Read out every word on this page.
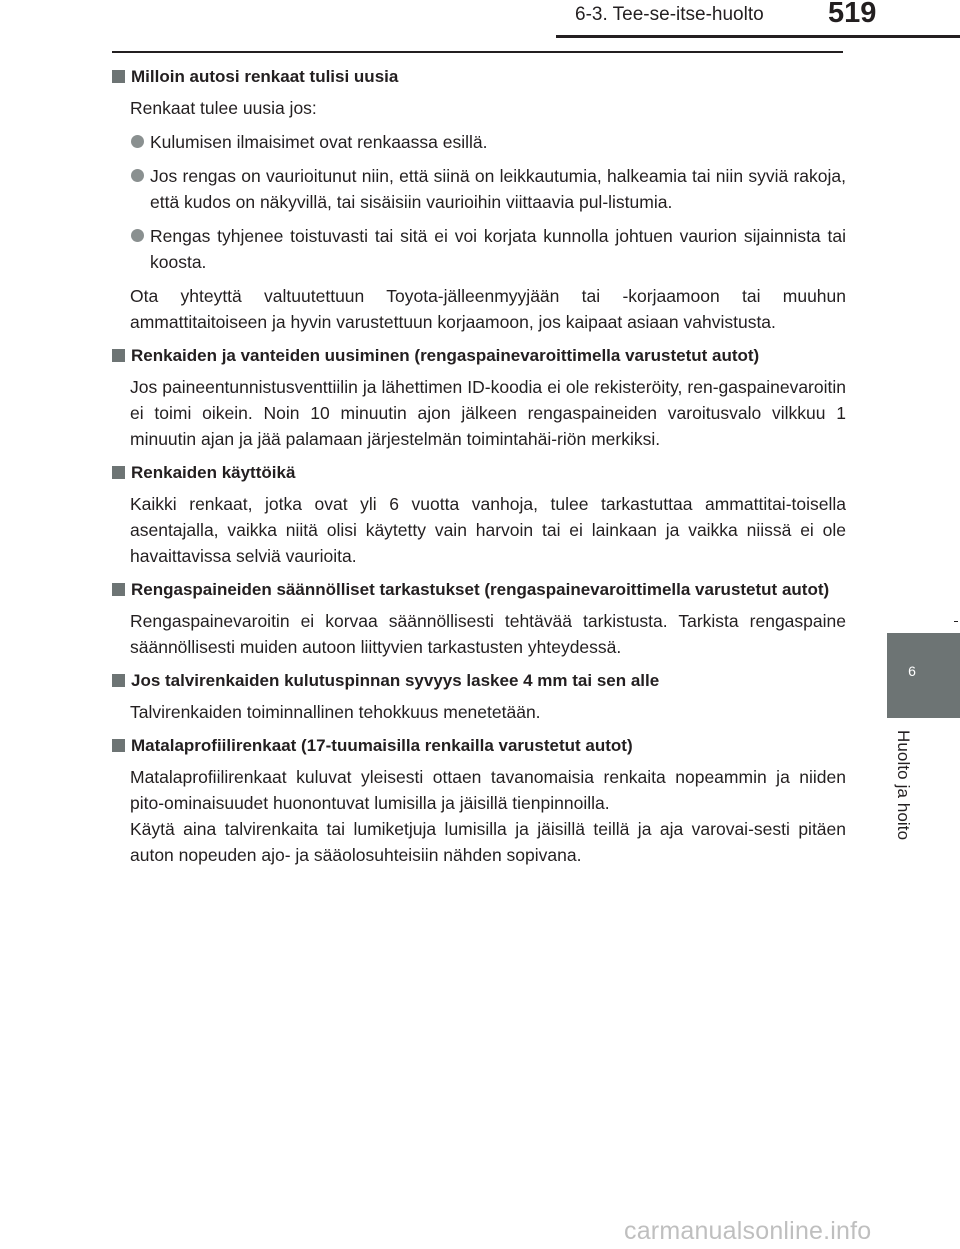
6-3. Tee-se-itse-huolto 519
6
Huolto ja hoito
Milloin autosi renkaat tulisi uusia
Renkaat tulee uusia jos:
Kulumisen ilmaisimet ovat renkaassa esillä.
Jos rengas on vaurioitunut niin, että siinä on leikkautumia, halkeamia tai niin syviä rakoja, että kudos on näkyvillä, tai sisäisiin vaurioihin viittaavia pul-listumia.
Rengas tyhjenee toistuvasti tai sitä ei voi korjata kunnolla johtuen vaurion sijainnista tai koosta.
Ota yhteyttä valtuutettuun Toyota-jälleenmyyjään tai -korjaamoon tai muuhun ammattitaitoiseen ja hyvin varustettuun korjaamoon, jos kaipaat asiaan vahvistusta.
Renkaiden ja vanteiden uusiminen (rengaspainevaroittimella varustetut autot)
Jos paineentunnistusventtiilin ja lähettimen ID-koodia ei ole rekisteröity, ren-gaspainevaroitin ei toimi oikein. Noin 10 minuutin ajon jälkeen rengaspaineiden varoitusvalo vilkkuu 1 minuutin ajan ja jää palamaan järjestelmän toimintahäi-riön merkiksi.
Renkaiden käyttöikä
Kaikki renkaat, jotka ovat yli 6 vuotta vanhoja, tulee tarkastuttaa ammattitai-toisella asentajalla, vaikka niitä olisi käytetty vain harvoin tai ei lainkaan ja vaikka niissä ei ole havaittavissa selviä vaurioita.
Rengaspaineiden säännölliset tarkastukset (rengaspainevaroittimella varustetut autot)
Rengaspainevaroitin ei korvaa säännöllisesti tehtävää tarkistusta. Tarkista rengaspaine säännöllisesti muiden autoon liittyvien tarkastusten yhteydessä.
Jos talvirenkaiden kulutuspinnan syvyys laskee 4 mm tai sen alle
Talvirenkaiden toiminnallinen tehokkuus menetetään.
Matalaprofiilirenkaat (17-tuumaisilla renkailla varustetut autot)
Matalaprofiilirenkaat kuluvat yleisesti ottaen tavanomaisia renkaita nopeammin ja niiden pito-ominaisuudet huonontuvat lumisilla ja jäisillä tienpinnoilla.
Käytä aina talvirenkaita tai lumiketjuja lumisilla ja jäisillä teillä ja aja varovai-sesti pitäen auton nopeuden ajo- ja sääolosuhteisiin nähden sopivana.
carmanualsonline.info
